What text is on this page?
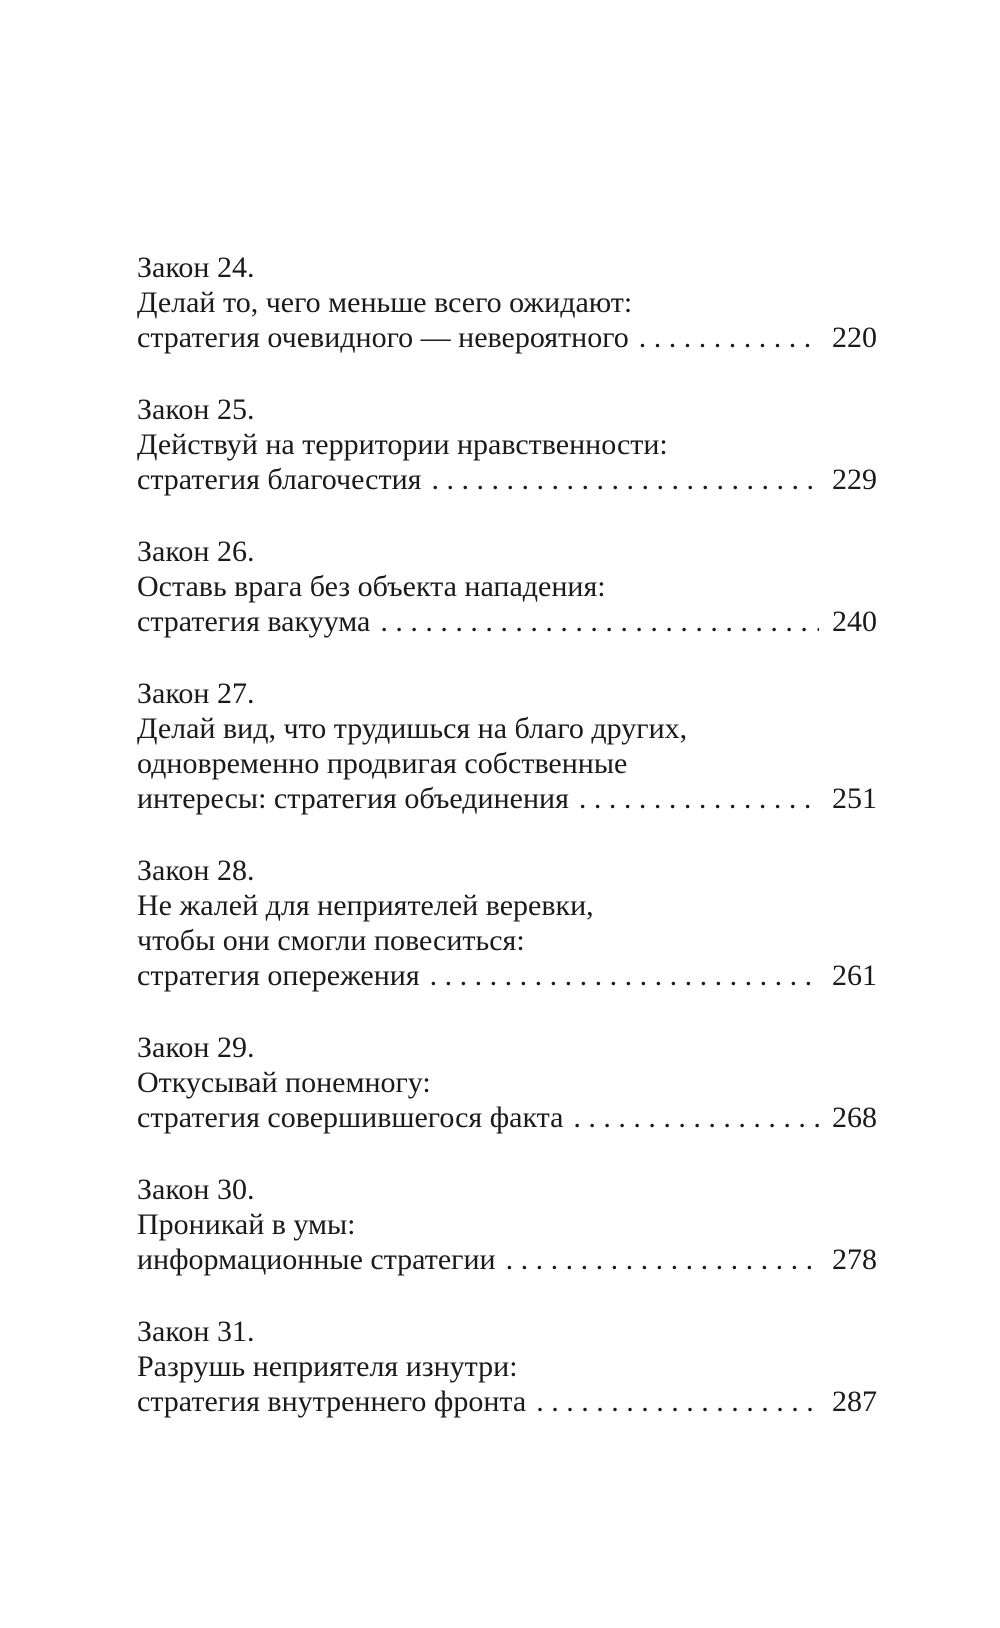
Закон 24.
Делай то, чего меньше всего ожидают:
стратегия очевидного — невероятного . . .	220
Закон 25.
Действуй на территории нравственности:
стратегия благочестия . . .	229
Закон 26.
Оставь врага без объекта нападения:
стратегия вакуума . . .	240
Закон 27.
Делай вид, что трудишься на благо других,
одновременно продвигая собственные
интересы: стратегия объединения . . .	251
Закон 28.
Не жалей для неприятелей веревки,
чтобы они смогли повеситься:
стратегия опережения . . .	261
Закон 29.
Откусывай понемногу:
стратегия совершившегося факта . . .	268
Закон 30.
Проникай в умы:
информационные стратегии . . .	278
Закон 31.
Разрушь неприятеля изнутри:
стратегия внутреннего фронта . . .	287
